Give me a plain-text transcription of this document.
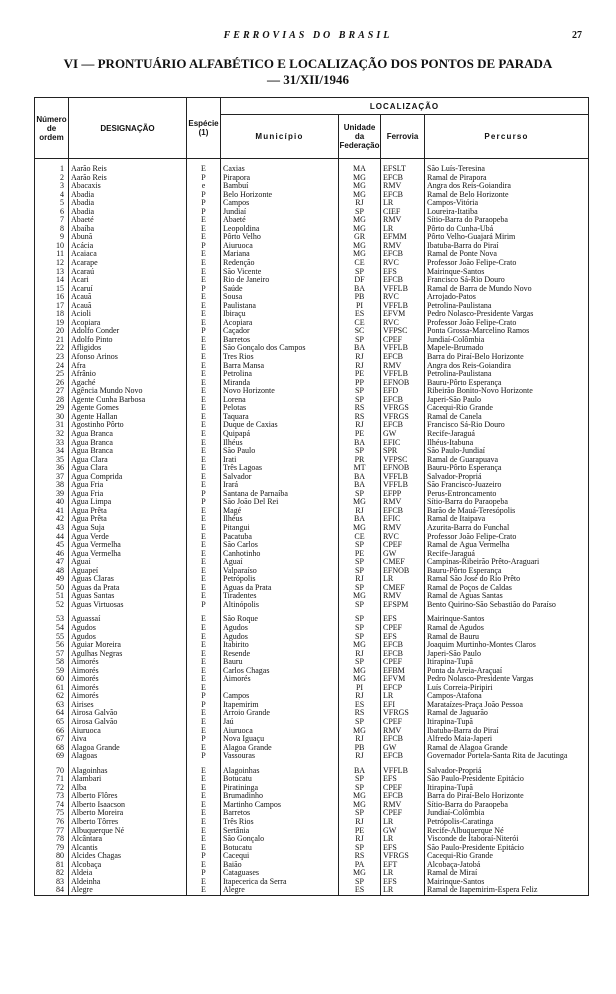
FERROVIAS DO BRASIL	27
VI — PRONTUÁRIO ALFABÉTICO E LOCALIZAÇÃO DOS PONTOS DE PARADA
— 31/XII/1946
Número de ordem	DESIGNAÇÃO	Espécie (1)	LOCALIZAÇÃO			
			Município	Unidade da Federação	Ferrovia	Percurso

1	Aarão Reis	E	Caxias	MA	EFSLT	São Luís-Teresina
2	Aarão Reis	P	Pirapora	MG	EFCB	Ramal de Pirapora
3	Abacaxis	e	Bambuí	MG	RMV	Angra dos Reis-Goiandira
4	Abadia	P	Belo Horizonte	MG	EFCB	Ramal de Belo Horizonte
5	Abadia	P	Campos	RJ	LR	Campos-Vitória
6	Abadia	P	Jundiaí	SP	CIEF	Loureira-Itatiba
7	Abaeté	E	Abaeté	MG	RMV	Sítio-Barra do Paraopeba
8	Abaíba	E	Leopoldina	MG	LR	Pôrto do Cunha-Ubá
9	Abunã	E	Pôrto Velho	GR	EFMM	Pôrto Velho-Guajará Mirim
10	Acácia	P	Aiuruoca	MG	RMV	Ibatuba-Barra do Piraí
11	Acaiaca	E	Mariana	MG	EFCB	Ramal de Ponte Nova
12	Acarape	E	Redenção	CE	RVC	Professor João Felipe-Crato
13	Acaraú	E	São Vicente	SP	EFS	Mairinque-Santos
14	Acari	E	Rio de Janeiro	DF	EFCB	Francisco Sá-Rio Douro
15	Acaruí	P	Saúde	BA	VFFLB	Ramal de Barra de Mundo Novo
16	Acauã	E	Sousa	PB	RVC	Arrojado-Patos
17	Acauã	E	Paulistana	PI	VFFLB	Petrolina-Paulistana
18	Acioli	E	Ibiraçu	ES	EFVM	Pedro Nolasco-Presidente Vargas
19	Acopiara	E	Acopiara	CE	RVC	Professor João Felipe-Crato
20	Adolfo Conder	P	Caçador	SC	VFPSC	Ponta Grossa-Marcelino Ramos
21	Adolfo Pinto	E	Barretos	SP	CPEF	Jundiaí-Colômbia
22	Afligidos	E	São Gonçalo dos Campos	BA	VFFLB	Mapele-Brumado
23	Afonso Arinos	E	Tres Rios	RJ	EFCB	Barra do Piraí-Belo Horizonte
24	Afra	E	Barra Mansa	RJ	RMV	Angra dos Reis-Goiandira
25	Afrânio	E	Petrolina	PE	VFFLB	Petrolina-Paulistana
26	Agaché	E	Miranda	PP	EFNOB	Bauru-Pôrto Esperança
27	Agência Mundo Novo	E	Novo Horizonte	SP	EFD	Ribeirão Bonito-Novo Horizonte
28	Agente Cunha Barbosa	E	Lorena	SP	EFCB	Japeri-São Paulo
29	Agente Gomes	E	Pelotas	RS	VFRGS	Cacequi-Rio Grande
30	Agente Hallan	E	Taquara	RS	VFRGS	Ramal de Canela
31	Agostinho Pôrto	E	Duque de Caxias	RJ	EFCB	Francisco Sá-Rio Douro
32	Água Branca	E	Quipapá	PE	GW	Recife-Jaraguá
33	Água Branca	E	Ilhéus	BA	EFIC	Ilhéus-Itabuna
34	Água Branca	E	São Paulo	SP	SPR	São Paulo-Jundiaí
35	Água Clara	E	Irati	PR	VFPSC	Ramal de Guarapuava
36	Água Clara	E	Três Lagoas	MT	EFNOB	Bauru-Pôrto Esperança
37	Água Comprida	E	Salvador	BA	VFFLB	Salvador-Propriá
38	Água Fria	E	Irará	BA	VFFLB	São Francisco-Juazeiro
39	Água Fria	P	Santana de Parnaíba	SP	EFPP	Perus-Entroncamento
40	Água Limpa	P	São João Del Rei	MG	RMV	Sítio-Barra do Paraopeba
41	Água Prêta	E	Magé	RJ	EFCB	Barão de Mauá-Teresópolis
42	Água Prêta	E	Ilhéus	BA	EFIC	Ramal de Itaipava
43	Água Suja	E	Pitangui	MG	RMV	Azurita-Barra do Funchal
44	Água Verde	E	Pacatuba	CE	RVC	Professor João Felipe-Crato
45	Água Vermelha	E	São Carlos	SP	CPEF	Ramal de Água Vermelha
46	Água Vermelha	E	Canhotinho	PE	GW	Recife-Jaraguá
47	Aguaí	E	Aguaí	SP	CMEF	Campinas-Ribeirão Prêto-Araguari
48	Aguapeí	E	Valparaíso	SP	EFNOB	Bauru-Pôrto Esperança
49	Águas Claras	E	Petrópolis	RJ	LR	Ramal São José do Rio Prêto
50	Águas da Prata	E	Águas da Prata	SP	CMEF	Ramal de Poços de Caldas
51	Águas Santas	E	Tiradentes	MG	RMV	Ramal de Águas Santas
52	Águas Virtuosas	P	Altinópolis	SP	EFSPM	Bento Quirino-São Sebastião do Paraíso

53	Aguassaí	E	São Roque	SP	EFS	Mairinque-Santos
54	Agudos	E	Agudos	SP	CPEF	Ramal de Agudos
55	Agudos	E	Agudos	SP	EFS	Ramal de Bauru
56	Aguiar Moreira	E	Itabirito	MG	EFCB	Joaquim Murtinho-Montes Claros
57	Agulhas Negras	E	Resende	RJ	EFCB	Japeri-São Paulo
58	Aimorés	E	Bauru	SP	CPEF	Itirapina-Tupã
59	Aimorés	E	Carlos Chagas	MG	EFBM	Ponta da Areia-Araçuaí
60	Aimorés	E	Aimorés	MG	EFVM	Pedro Nolasco-Presidente Vargas
61	Aimorés	E		PI	EFCP	Luís Correia-Piripiri
62	Aimorés	P	Campos	RJ	LR	Campos-Atafona
63	Airises	P	Itapemirim	ES	EFI	Marataízes-Praça João Pessoa
64	Airosa Galvão	E	Arroio Grande	RS	VFRGS	Ramal de Jaguarão
65	Airosa Galvão	E	Jaú	SP	CPEF	Itirapina-Tupã
66	Aiuruoca	E	Aiuruoca	MG	RMV	Ibatuba-Barra do Piraí
67	Aiva	P	Nova Iguaçu	RJ	EFCB	Alfredo Maia-Japeri
68	Alagoa Grande	E	Alagoa Grande	PB	GW	Ramal de Alagoa Grande
69	Alagoas	P	Vassouras	RJ	EFCB	Governador Portela-Santa Rita de Jacutinga

70	Alagoinhas	E	Alagoinhas	BA	VFFLB	Salvador-Propriá
71	Alambari	E	Botucatu	SP	EFS	São Paulo-Presidente Epitácio
72	Alba	E	Piratininga	SP	CPEF	Itirapina-Tupã
73	Alberto Flôres	E	Brumadinho	MG	EFCB	Barra do Piraí-Belo Horizonte
74	Alberto Isaacson	E	Martinho Campos	MG	RMV	Sítio-Barra do Paraopeba
75	Alberto Moreira	E	Barretos	SP	CPEF	Jundiaí-Colômbia
76	Alberto Tôrres	E	Três Rios	RJ	LR	Petrópolis-Caratinga
77	Albuquerque Né	E	Sertânia	PE	GW	Recife-Albuquerque Né
78	Alcântara	E	São Gonçalo	RJ	LR	Visconde de Itaboraí-Niterói
79	Alcantis	E	Botucatu	SP	EFS	São Paulo-Presidente Epitácio
80	Alcides Chagas	P	Cacequi	RS	VFRGS	Cacequi-Rio Grande
81	Alcobaça	E	Baião	PA	EFT	Alcobaça-Jatobá
82	Aldeia	P	Cataguases	MG	LR	Ramal de Miraí
83	Aldeinha	E	Itapecerica da Serra	SP	EFS	Mairinque-Santos
84	Alegre	E	Alegre	ES	LR	Ramal de Itapemirim-Espera Feliz
